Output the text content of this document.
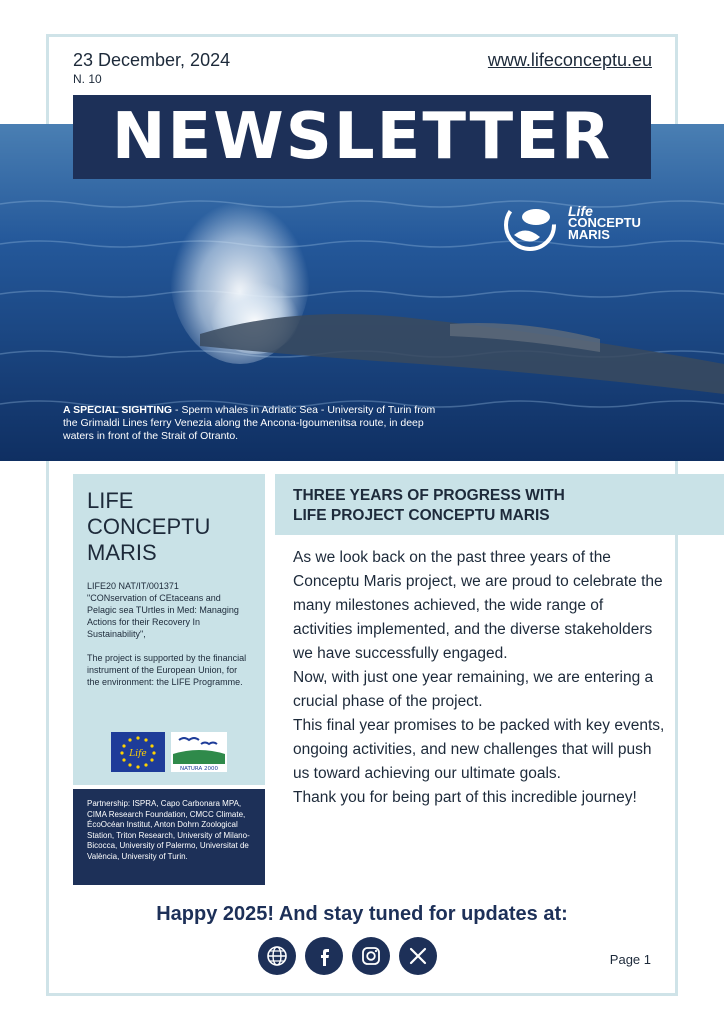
23 December, 2024
N. 10
www.lifeconceptu.eu
NEWSLETTER
Life
CONCEPTU
MARIS
A SPECIAL SIGHTING - Sperm whales in Adriatic Sea - University of Turin from the Grimaldi Lines ferry Venezia along the Ancona-Igoumenitsa route, in deep waters in front of the Strait of Otranto.
LIFE
CONCEPTU
MARIS

LIFE20 NAT/IT/001371
"CONservation of CEtaceans and Pelagic sea TUrtles in Med: Managing Actions for their Recovery In Sustainability",

The project is supported by the financial instrument of the European Union, for the environment: the LIFE Programme.

Life
NATURA 2000
Partnership: ISPRA, Capo Carbonara MPA, CIMA Research Foundation, CMCC Climate, ÉcoOcéan Institut, Anton Dohrn Zoological Station, Triton Research, University of Milano-Bicocca, University of Palermo, Universitat de València, University of Turin.
THREE YEARS OF PROGRESS WITH
LIFE PROJECT CONCEPTU MARIS

As we look back on the past three years of the Conceptu Maris project, we are proud to celebrate the many milestones achieved, the wide range of activities implemented, and the diverse stakeholders we have successfully engaged.

Now, with just one year remaining, we are entering a crucial phase of the project.

This final year promises to be packed with key events, ongoing activities, and new challenges that will push us toward achieving our ultimate goals.

Thank you for being part of this incredible journey!

Happy 2025! And stay tuned for updates at:
Page 1
